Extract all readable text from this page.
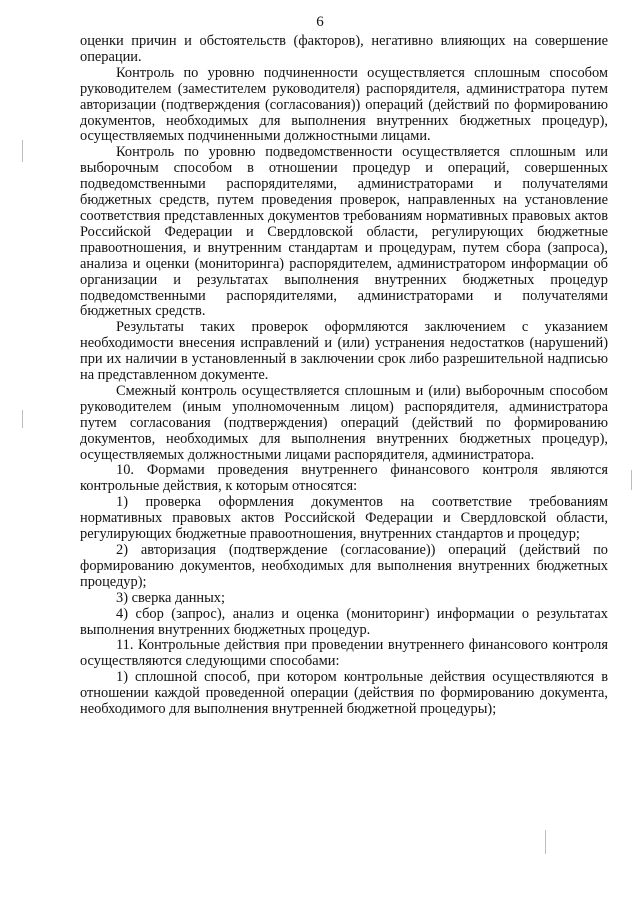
6

оценки причин и обстоятельств (факторов), негативно влияющих на совершение операции.

Контроль по уровню подчиненности осуществляется сплошным способом руководителем (заместителем руководителя) распорядителя, администратора путем авторизации (подтверждения (согласования)) операций (действий по формированию документов, необходимых для выполнения внутренних бюджетных процедур), осуществляемых подчиненными должностными лицами.

Контроль по уровню подведомственности осуществляется сплошным или выборочным способом в отношении процедур и операций, совершенных подведомственными распорядителями, администраторами и получателями бюджетных средств, путем проведения проверок, направленных на установление соответствия представленных документов требованиям нормативных правовых актов Российской Федерации и Свердловской области, регулирующих бюджетные правоотношения, и внутренним стандартам и процедурам, путем сбора (запроса), анализа и оценки (мониторинга) распорядителем, администратором информации об организации и результатах выполнения внутренних бюджетных процедур подведомственными распорядителями, администраторами и получателями бюджетных средств.

Результаты таких проверок оформляются заключением с указанием необходимости внесения исправлений и (или) устранения недостатков (нарушений) при их наличии в установленный в заключении срок либо разрешительной надписью на представленном документе.

Смежный контроль осуществляется сплошным и (или) выборочным способом руководителем (иным уполномоченным лицом) распорядителя, администратора путем согласования (подтверждения) операций (действий по формированию документов, необходимых для выполнения внутренних бюджетных процедур), осуществляемых должностными лицами распорядителя, администратора.

10. Формами проведения внутреннего финансового контроля являются контрольные действия, к которым относятся:

1) проверка оформления документов на соответствие требованиям нормативных правовых актов Российской Федерации и Свердловской области, регулирующих бюджетные правоотношения, внутренних стандартов и процедур;

2) авторизация (подтверждение (согласование)) операций (действий по формированию документов, необходимых для выполнения внутренних бюджетных процедур);

3) сверка данных;

4) сбор (запрос), анализ и оценка (мониторинг) информации о результатах выполнения внутренних бюджетных процедур.

11. Контрольные действия при проведении внутреннего финансового контроля осуществляются следующими способами:

1) сплошной способ, при котором контрольные действия осуществляются в отношении каждой проведенной операции (действия по формированию документа, необходимого для выполнения внутренней бюджетной процедуры);
